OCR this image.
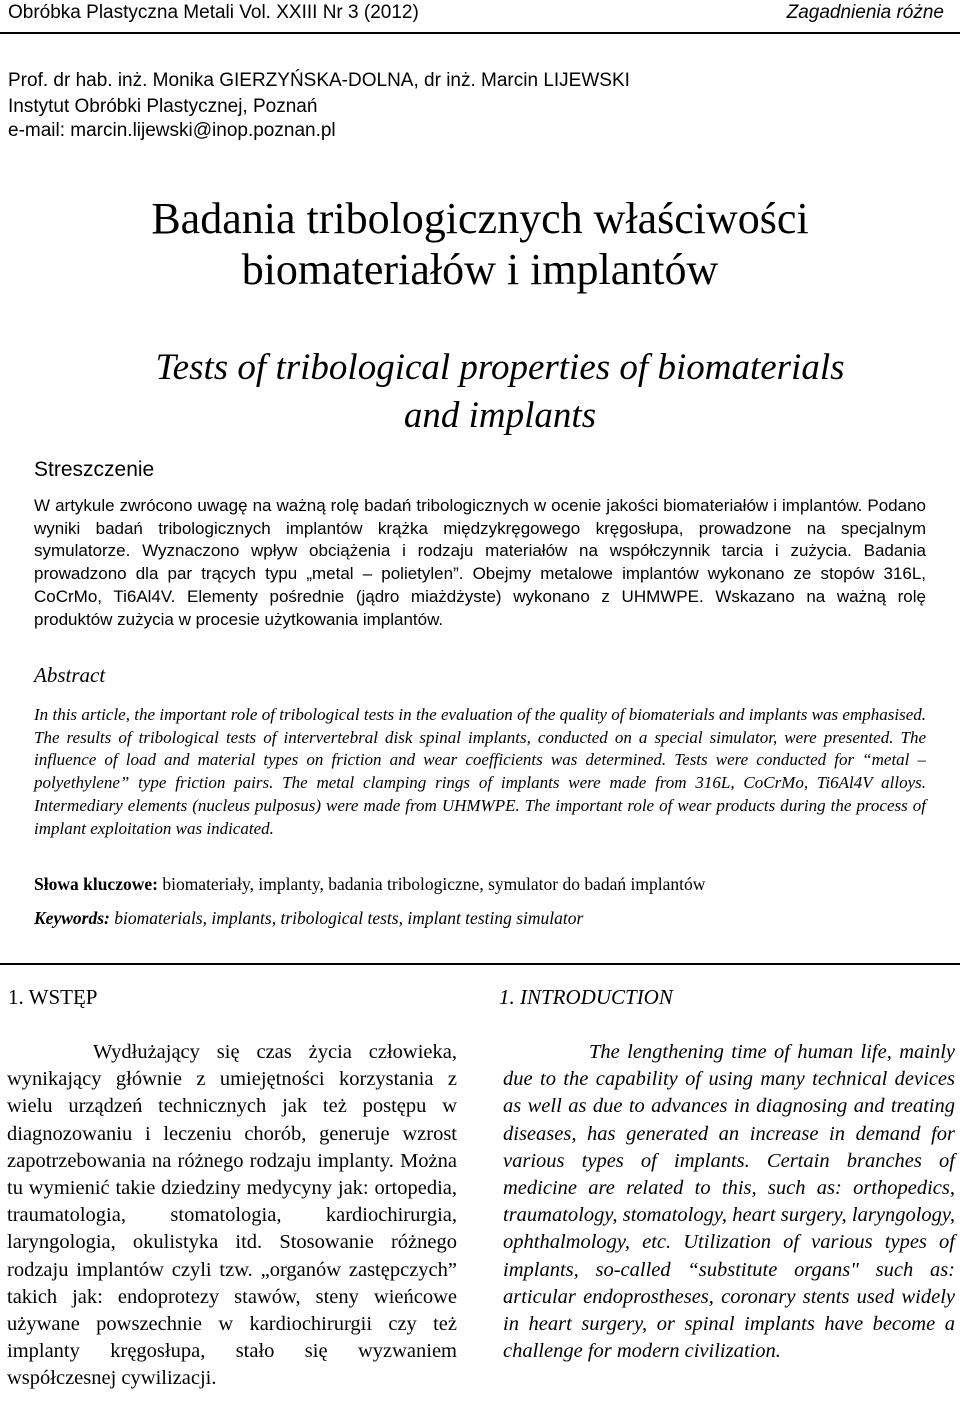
Obróbka Plastyczna Metali Vol. XXIII Nr 3 (2012)	Zagadnienia różne
Prof. dr hab. inż. Monika GIERZYŃSKA-DOLNA, dr inż. Marcin LIJEWSKI
Instytut Obróbki Plastycznej, Poznań
e-mail: marcin.lijewski@inop.poznan.pl
Badania tribologicznych właściwości
biomateriałów i implantów
Tests of tribological properties of biomaterials
and implants
Streszczenie
W artykule zwrócono uwagę na ważną rolę badań tribologicznych w ocenie jakości biomateriałów i implantów. Podano wyniki badań tribologicznych implantów krążka międzykręgowego kręgosłupa, prowadzone na specjalnym symulatorze. Wyznaczono wpływ obciążenia i rodzaju materiałów na współczynnik tarcia i zużycia. Badania prowadzono dla par trących typu „metal – polietylen”. Obejmy metalowe implantów wykonano ze stopów 316L, CoCrMo, Ti6Al4V. Elementy pośrednie (jądro miażdżyste) wykonano z UHMWPE. Wskazano na ważną rolę produktów zużycia w procesie użytkowania implantów.
Abstract
In this article, the important role of tribological tests in the evaluation of the quality of biomaterials and implants was emphasised. The results of tribological tests of intervertebral disk spinal implants, conducted on a special simulator, were presented. The influence of load and material types on friction and wear coefficients was determined. Tests were conducted for “metal – polyethylene” type friction pairs. The metal clamping rings of implants were made from 316L, CoCrMo, Ti6Al4V alloys. Intermediary elements (nucleus pulposus) were made from UHMWPE. The important role of wear products during the process of implant exploitation was indicated.
Słowa kluczowe: biomateriały, implanty, badania tribologiczne, symulator do badań implantów
Keywords: biomaterials, implants, tribological tests, implant testing simulator
1. WSTĘP	1. INTRODUCTION
Wydłużający się czas życia człowieka, wynikający głównie z umiejętności korzystania z wielu urządzeń technicznych jak też postępu w diagnozowaniu i leczeniu chorób, generuje wzrost zapotrzebowania na różnego rodzaju implanty. Można tu wymienić takie dziedziny medycyny jak: ortopedia, traumatologia, stomatologia, kardiochirurgia, laryngologia, okulistyka itd. Stosowanie różnego rodzaju implantów czyli tzw. „organów zastępczych” takich jak: endoprotezy stawów, steny wieńcowe używane powszechnie w kardiochirurgii czy też implanty kręgosłupa, stało się wyzwaniem współczesnej cywilizacji.
The lengthening time of human life, mainly due to the capability of using many technical devices as well as due to advances in diagnosing and treating diseases, has generated an increase in demand for various types of implants. Certain branches of medicine are related to this, such as: orthopedics, traumatology, stomatology, heart surgery, laryngology, ophthalmology, etc. Utilization of various types of implants, so-called “substitute organs" such as: articular endoprostheses, coronary stents used widely in heart surgery, or spinal implants have become a challenge for modern civilization.
